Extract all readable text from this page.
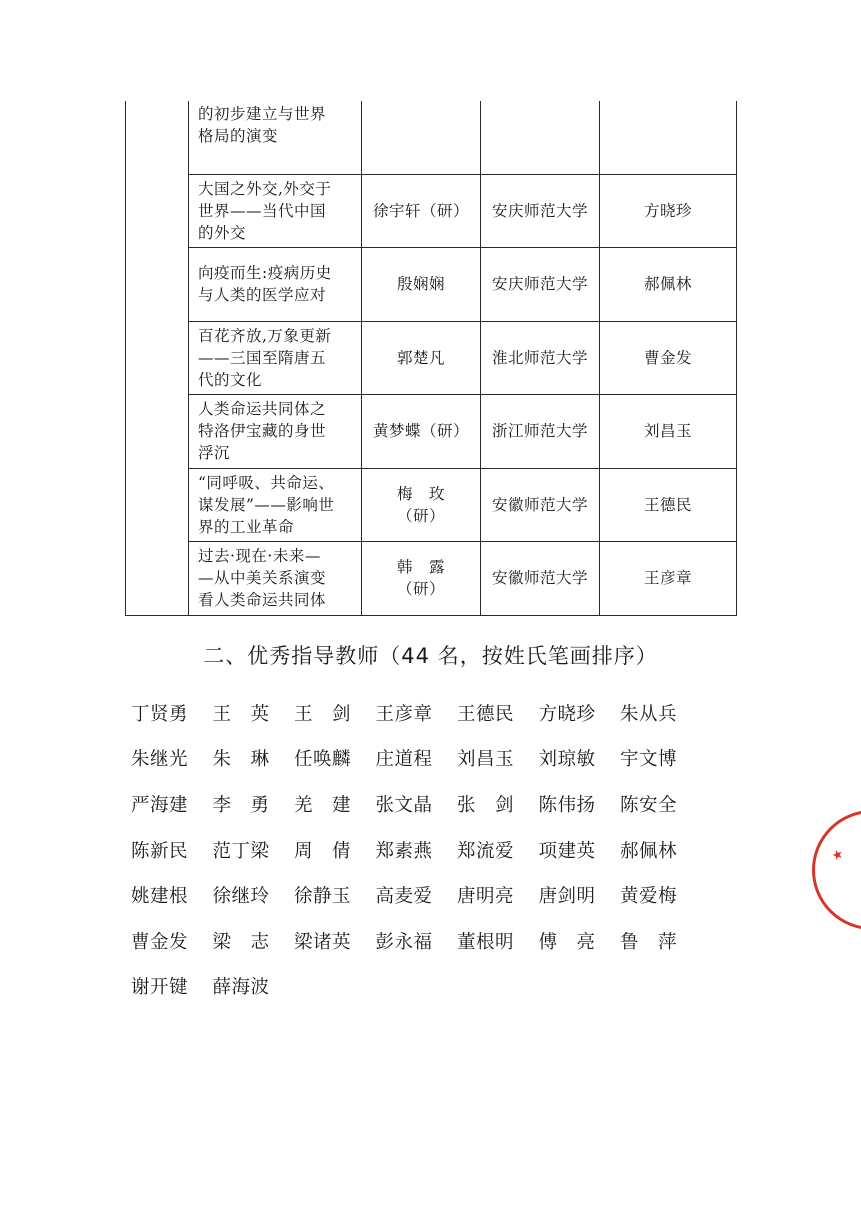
	的初步建立与世界
格局的演变			

	大国之外交,外交于
世界——当代中国
的外交	徐宇轩（研）	安庆师范大学	方晓珍

	向疫而生:疫病历史
与人类的医学应对	殷娴娴	安庆师范大学	郝佩林

	百花齐放,万象更新
——三国至隋唐五
代的文化	郭楚凡	淮北师范大学	曹金发

	人类命运共同体之
特洛伊宝藏的身世
浮沉	黄梦蝶（研）	浙江师范大学	刘昌玉

	“同呼吸、共命运、
谋发展”——影响世
界的工业革命	梅　玫
（研）	安徽师范大学	王德民

	过去·现在·未来—
—从中美关系演变
看人类命运共同体	韩　露
（研）	安徽师范大学	王彦章
二、优秀指导教师（44 名，按姓氏笔画排序）
丁贤勇	王　英	王　剑	王彦章	王德民	方晓珍	朱从兵
朱继光	朱　琳	任唤麟	庄道程	刘昌玉	刘琼敏	宇文博
严海建	李　勇	羌　建	张文晶	张　剑	陈伟扬	陈安全
陈新民	范丁梁	周　倩	郑素燕	郑流爱	项建英	郝佩林
姚建根	徐继玲	徐静玉	高麦爱	唐明亮	唐剑明	黄爱梅
曹金发	梁　志	梁诸英	彭永福	董根明	傅　亮	鲁　萍
谢开键	薛海波
★
